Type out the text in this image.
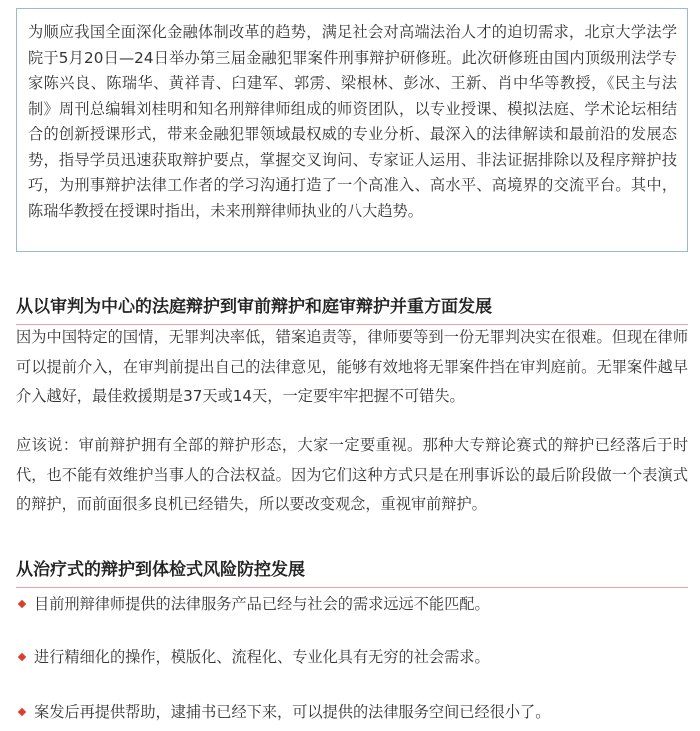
为顺应我国全面深化金融体制改革的趋势，满足社会对高端法治人才的迫切需求，北京大学法学院于5月20日—24日举办第三届金融犯罪案件刑事辩护研修班。此次研修班由国内顶级刑法学专家陈兴良、陈瑞华、黄祥青、臼建军、郭雳、梁根林、彭冰、王新、肖中华等教授，《民主与法制》周刊总编辑刘桂明和知名刑辩律师组成的师资团队，以专业授课、模拟法庭、学术论坛相结合的创新授课形式，带来金融犯罪领域最权威的专业分析、最深入的法律解读和最前沿的发展态势，指导学员迅速获取辩护要点，掌握交叉询问、专家证人运用、非法证据排除以及程序辩护技巧，为刑事辩护法律工作者的学习沟通打造了一个高准入、高水平、高境界的交流平台。其中，陈瑞华教授在授课时指出，未来刑辩律师执业的八大趋势。

从以审判为中心的法庭辩护到审前辩护和庭审辩护并重方面发展

因为中国特定的国情，无罪判决率低，错案追责等，律师要等到一份无罪判决实在很难。但现在律师可以提前介入，在审判前提出自己的法律意见，能够有效地将无罪案件挡在审判庭前。无罪案件越早介入越好，最佳救援期是37天或14天，一定要牢牢把握不可错失。

应该说：审前辩护拥有全部的辩护形态，大家一定要重视。那种大专辩论赛式的辩护已经落后于时代，也不能有效维护当事人的合法权益。因为它们这种方式只是在刑事诉讼的最后阶段做一个表演式的辩护，而前面很多良机已经错失，所以要改变观念，重视审前辩护。

从治疗式的辩护到体检式风险防控发展
目前刑辩律师提供的法律服务产品已经与社会的需求远远不能匹配。
进行精细化的操作，模版化、流程化、专业化具有无穷的社会需求。
案发后再提供帮助，逮捕书已经下来，可以提供的法律服务空间已经很小了。
